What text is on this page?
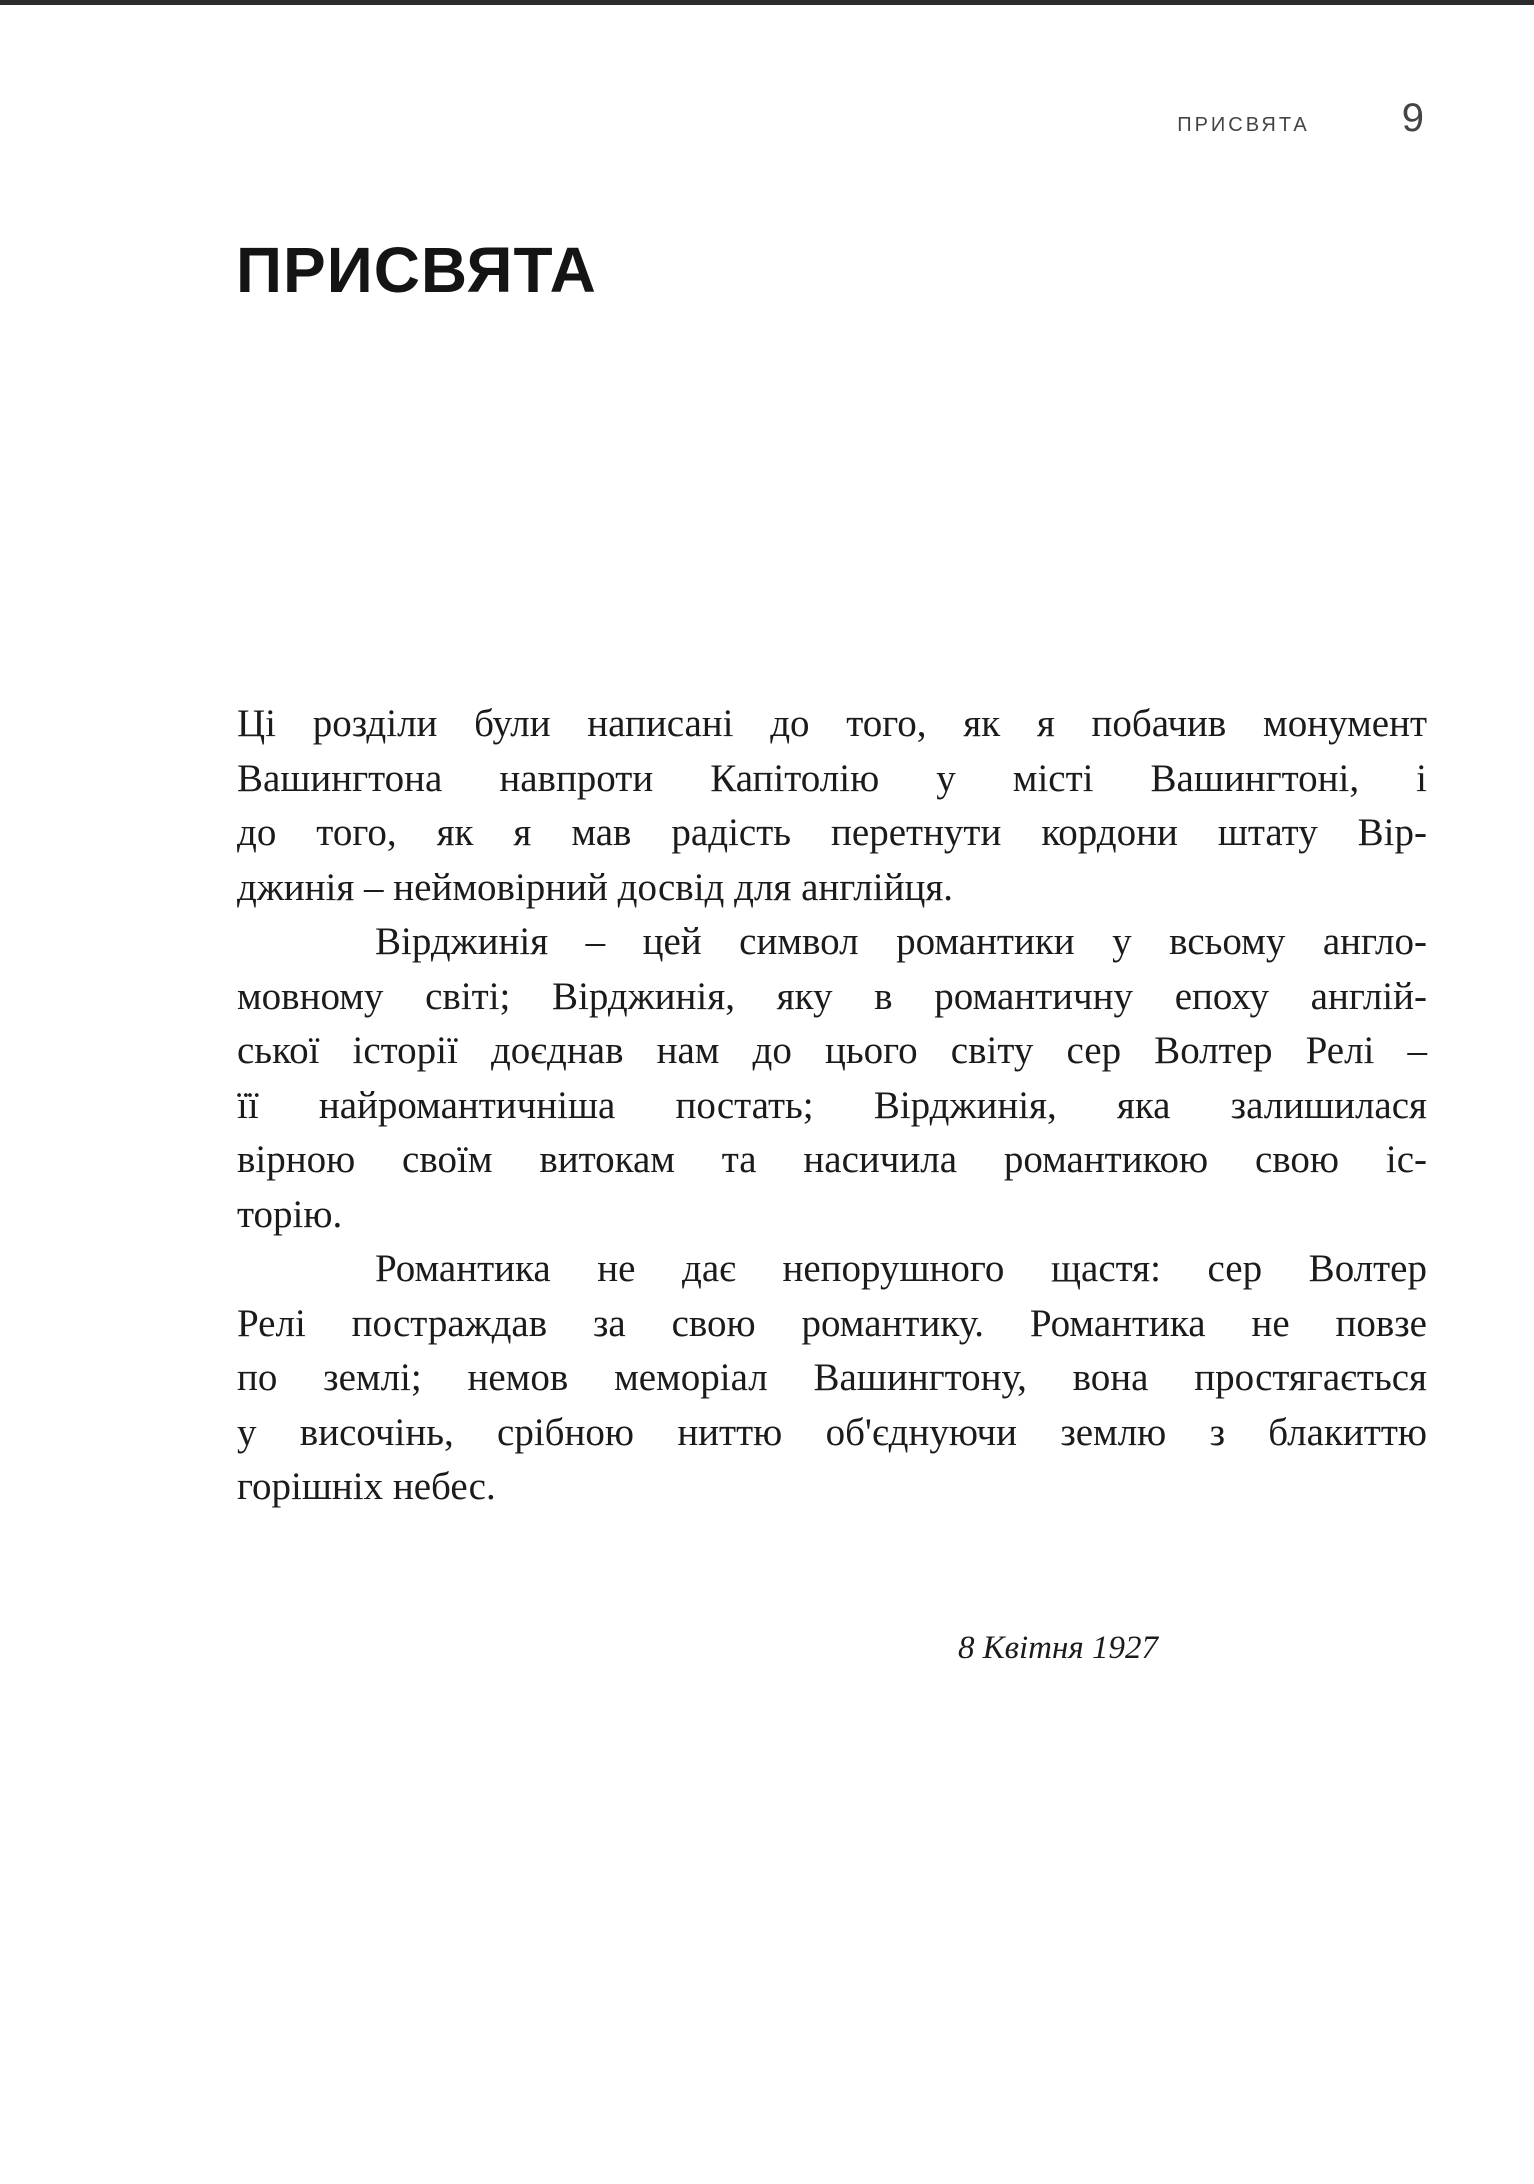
ПРИСВЯТА 9
ПРИСВЯТА

Ці розділи були написані до того, як я побачив монумент
Вашингтона навпроти Капітолію у місті Вашингтоні, і
до того, як я мав радість перетнути кордони штату Вір-
джинія – неймовірний досвід для англійця.

Вірджинія – цей символ романтики у всьому англо-
мовному світі; Вірджинія, яку в романтичну епоху англій-
ської історії доєднав нам до цього світу сер Волтер Релі –
її найромантичніша постать; Вірджинія, яка залишилася
вірною своїм витокам та насичила романтикою свою іс-
торію.

Романтика не дає непорушного щастя: сер Волтер
Релі постраждав за свою романтику. Романтика не повзе
по землі; немов меморіал Вашингтону, вона простягається
у височінь, срібною ниттю об'єднуючи землю з блакиттю
горішніх небес.

8 Квітня 1927
